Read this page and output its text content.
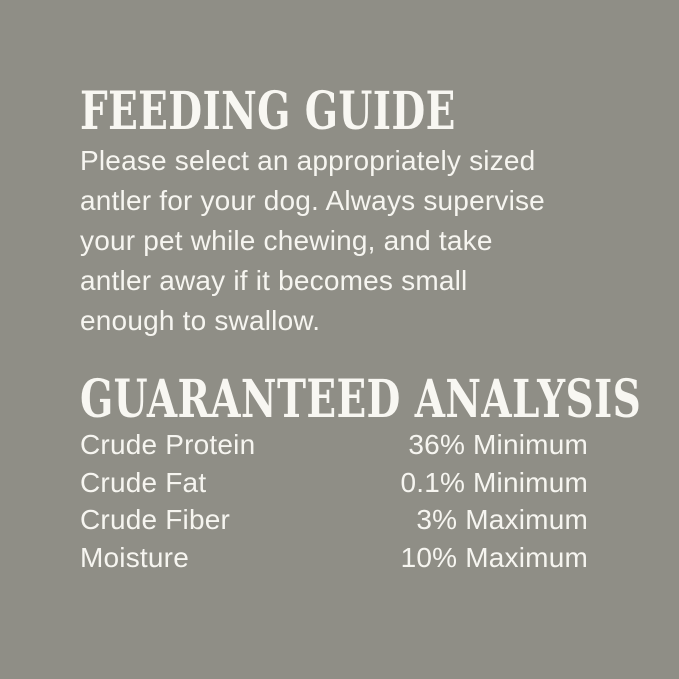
FEEDING GUIDE
Please select an appropriately sized
antler for your dog. Always supervise
your pet while chewing, and take
antler away if it becomes small
enough to swallow.
GUARANTEED ANALYSIS
Crude Protein	36% Minimum
Crude Fat	0.1% Minimum
Crude Fiber	3% Maximum
Moisture	10% Maximum
